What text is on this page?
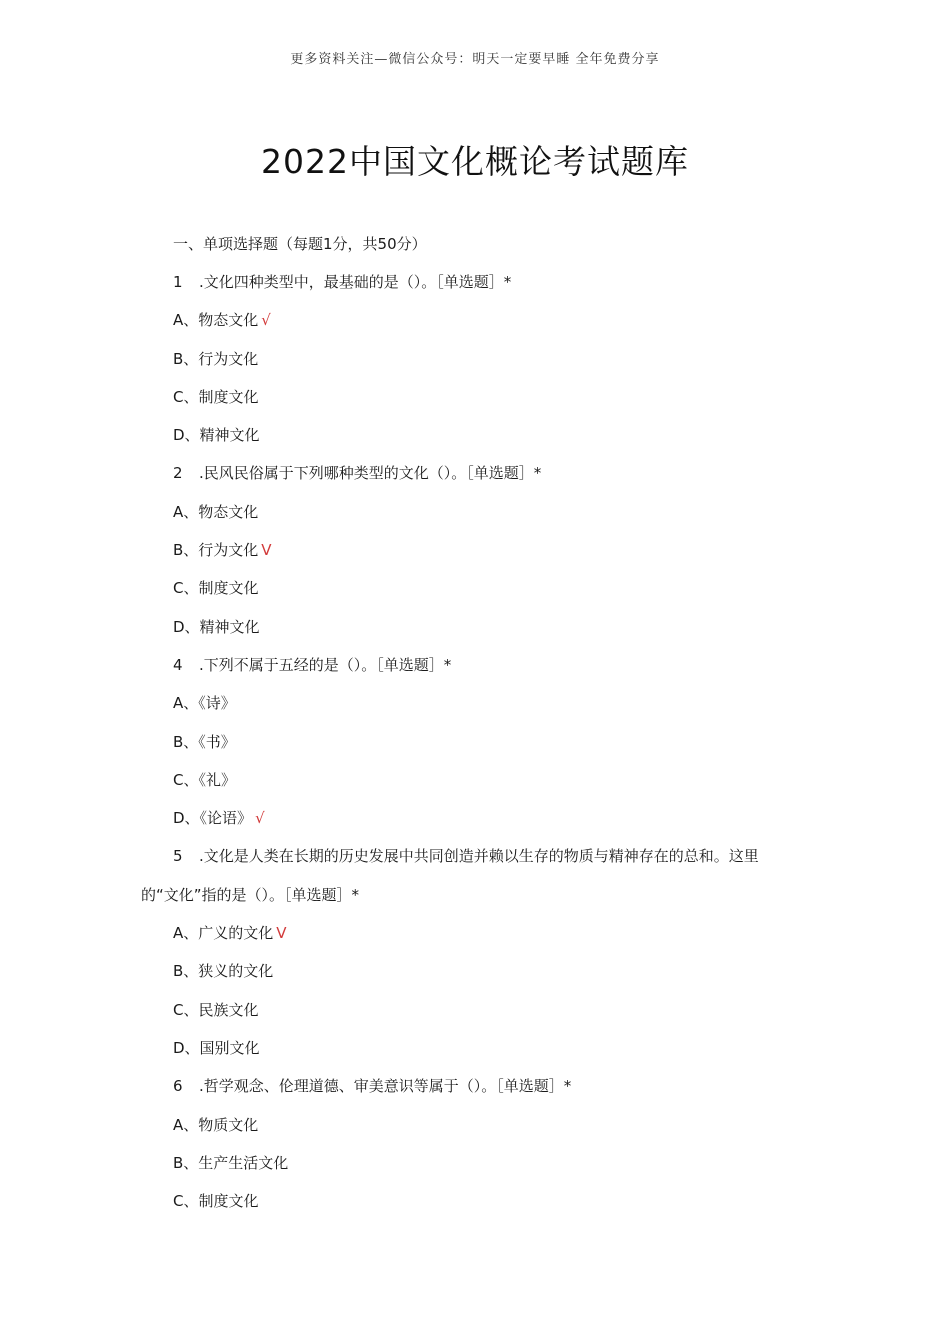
更多资料关注—微信公众号：明天一定要早睡 全年免费分享
2022中国文化概论考试题库
一、单项选择题（每题1分，共50分）
1 .文化四种类型中，最基础的是（）。［单选题］*
A、物态文化 √
B、行为文化
C、制度文化
D、精神文化
2 .民风民俗属于下列哪种类型的文化（）。［单选题］*
A、物态文化
B、行为文化 V
C、制度文化
D、精神文化
4 .下列不属于五经的是（）。［单选题］*
A、《诗》
B、《书》
C、《礼》
D、《论语》 √
5 .文化是人类在长期的历史发展中共同创造并赖以生存的物质与精神存在的总和。这里
的“文化”指的是（）。［单选题］*
A、广义的文化 V
B、狭义的文化
C、民族文化
D、国别文化
6 .哲学观念、伦理道德、审美意识等属于（）。［单选题］*
A、物质文化
B、生产生活文化
C、制度文化
